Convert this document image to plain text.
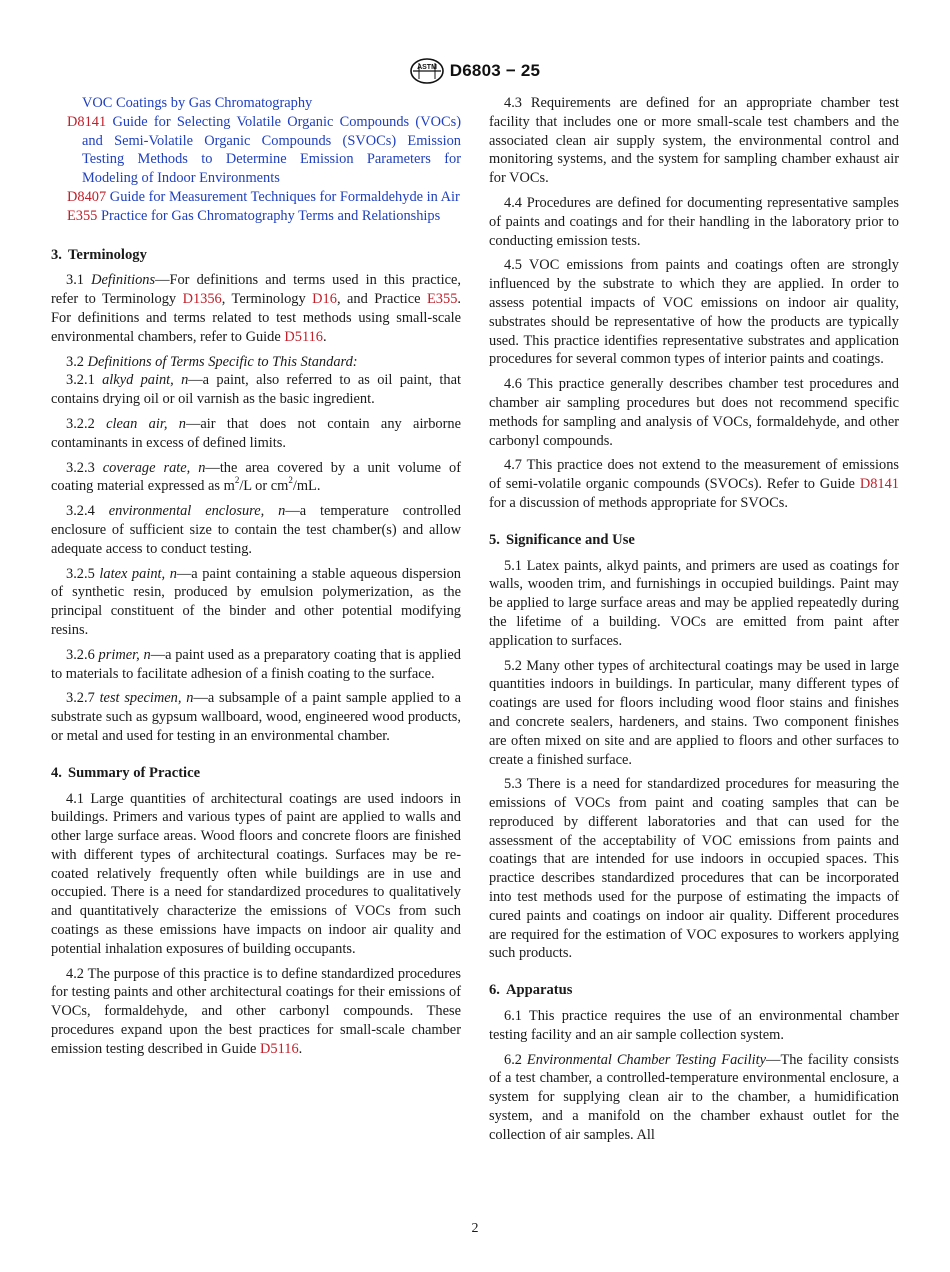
ASTM D6803 − 25
VOC Coatings by Gas Chromatography
D8141 Guide for Selecting Volatile Organic Compounds (VOCs) and Semi-Volatile Organic Compounds (SVOCs) Emission Testing Methods to Determine Emission Parameters for Modeling of Indoor Environments
D8407 Guide for Measurement Techniques for Formaldehyde in Air
E355 Practice for Gas Chromatography Terms and Relationships
3. Terminology

3.1 Definitions—For definitions and terms used in this practice, refer to Terminology D1356, Terminology D16, and Practice E355. For definitions and terms related to test methods using small-scale environmental chambers, refer to Guide D5116.

3.2 Definitions of Terms Specific to This Standard:

3.2.1 alkyd paint, n—a paint, also referred to as oil paint, that contains drying oil or oil varnish as the basic ingredient.

3.2.2 clean air, n—air that does not contain any airborne contaminants in excess of defined limits.

3.2.3 coverage rate, n—the area covered by a unit volume of coating material expressed as $m^2/L$ or $cm^2/mL$.

3.2.4 environmental enclosure, n—a temperature controlled enclosure of sufficient size to contain the test chamber(s) and allow adequate access to conduct testing.

3.2.5 latex paint, n—a paint containing a stable aqueous dispersion of synthetic resin, produced by emulsion polymerization, as the principal constituent of the binder and other potential modifying resins.

3.2.6 primer, n—a paint used as a preparatory coating that is applied to materials to facilitate adhesion of a finish coating to the surface.

3.2.7 test specimen, n—a subsample of a paint sample applied to a substrate such as gypsum wallboard, wood, engineered wood products, or metal and used for testing in an environmental chamber.

4. Summary of Practice

4.1 Large quantities of architectural coatings are used indoors in buildings. Primers and various types of paint are applied to walls and other large surface areas. Wood floors and concrete floors are finished with different types of architectural coatings. Surfaces may be re-coated relatively frequently often while buildings are in use and occupied. There is a need for standardized procedures to qualitatively and quantitatively characterize the emissions of VOCs from such coatings as these emissions have impacts on indoor air quality and potential inhalation exposures of building occupants.

4.2 The purpose of this practice is to define standardized procedures for testing paints and other architectural coatings for their emissions of VOCs, formaldehyde, and other carbonyl compounds. These procedures expand upon the best practices for small-scale chamber emission testing described in Guide D5116.

4.3 Requirements are defined for an appropriate chamber test facility that includes one or more small-scale test chambers and the associated clean air supply system, the environmental control and monitoring systems, and the system for sampling chamber exhaust air for VOCs.

4.4 Procedures are defined for documenting representative samples of paints and coatings and for their handling in the laboratory prior to conducting emission tests.

4.5 VOC emissions from paints and coatings often are strongly influenced by the substrate to which they are applied. In order to assess potential impacts of VOC emissions on indoor air quality, substrates should be representative of how the products are typically used. This practice identifies representative substrates and application procedures for several common types of interior paints and coatings.

4.6 This practice generally describes chamber test procedures and chamber air sampling procedures but does not recommend specific methods for sampling and analysis of VOCs, formaldehyde, and other carbonyl compounds.

4.7 This practice does not extend to the measurement of emissions of semi-volatile organic compounds (SVOCs). Refer to Guide D8141 for a discussion of methods appropriate for SVOCs.

5. Significance and Use

5.1 Latex paints, alkyd paints, and primers are used as coatings for walls, wooden trim, and furnishings in occupied buildings. Paint may be applied to large surface areas and may be applied repeatedly during the lifetime of a building. VOCs are emitted from paint after application to surfaces.

5.2 Many other types of architectural coatings may be used in large quantities indoors in buildings. In particular, many different types of coatings are used for floors including wood floor stains and finishes and concrete sealers, hardeners, and stains. Two component finishes are often mixed on site and are applied to floors and other surfaces to create a finished surface.

5.3 There is a need for standardized procedures for measuring the emissions of VOCs from paint and coating samples that can be reproduced by different laboratories and that can used for the assessment of the acceptability of VOC emissions from paints and coatings that are intended for use indoors in occupied spaces. This practice describes standardized procedures that can be incorporated into test methods used for the purpose of estimating the impacts of cured paints and coatings on indoor air quality. Different procedures are required for the estimation of VOC exposures to workers applying such products.

6. Apparatus

6.1 This practice requires the use of an environmental chamber testing facility and an air sample collection system.

6.2 Environmental Chamber Testing Facility—The facility consists of a test chamber, a controlled-temperature environmental enclosure, a system for supplying clean air to the chamber, a humidification system, and a manifold on the chamber exhaust outlet for the collection of air samples. All

2
